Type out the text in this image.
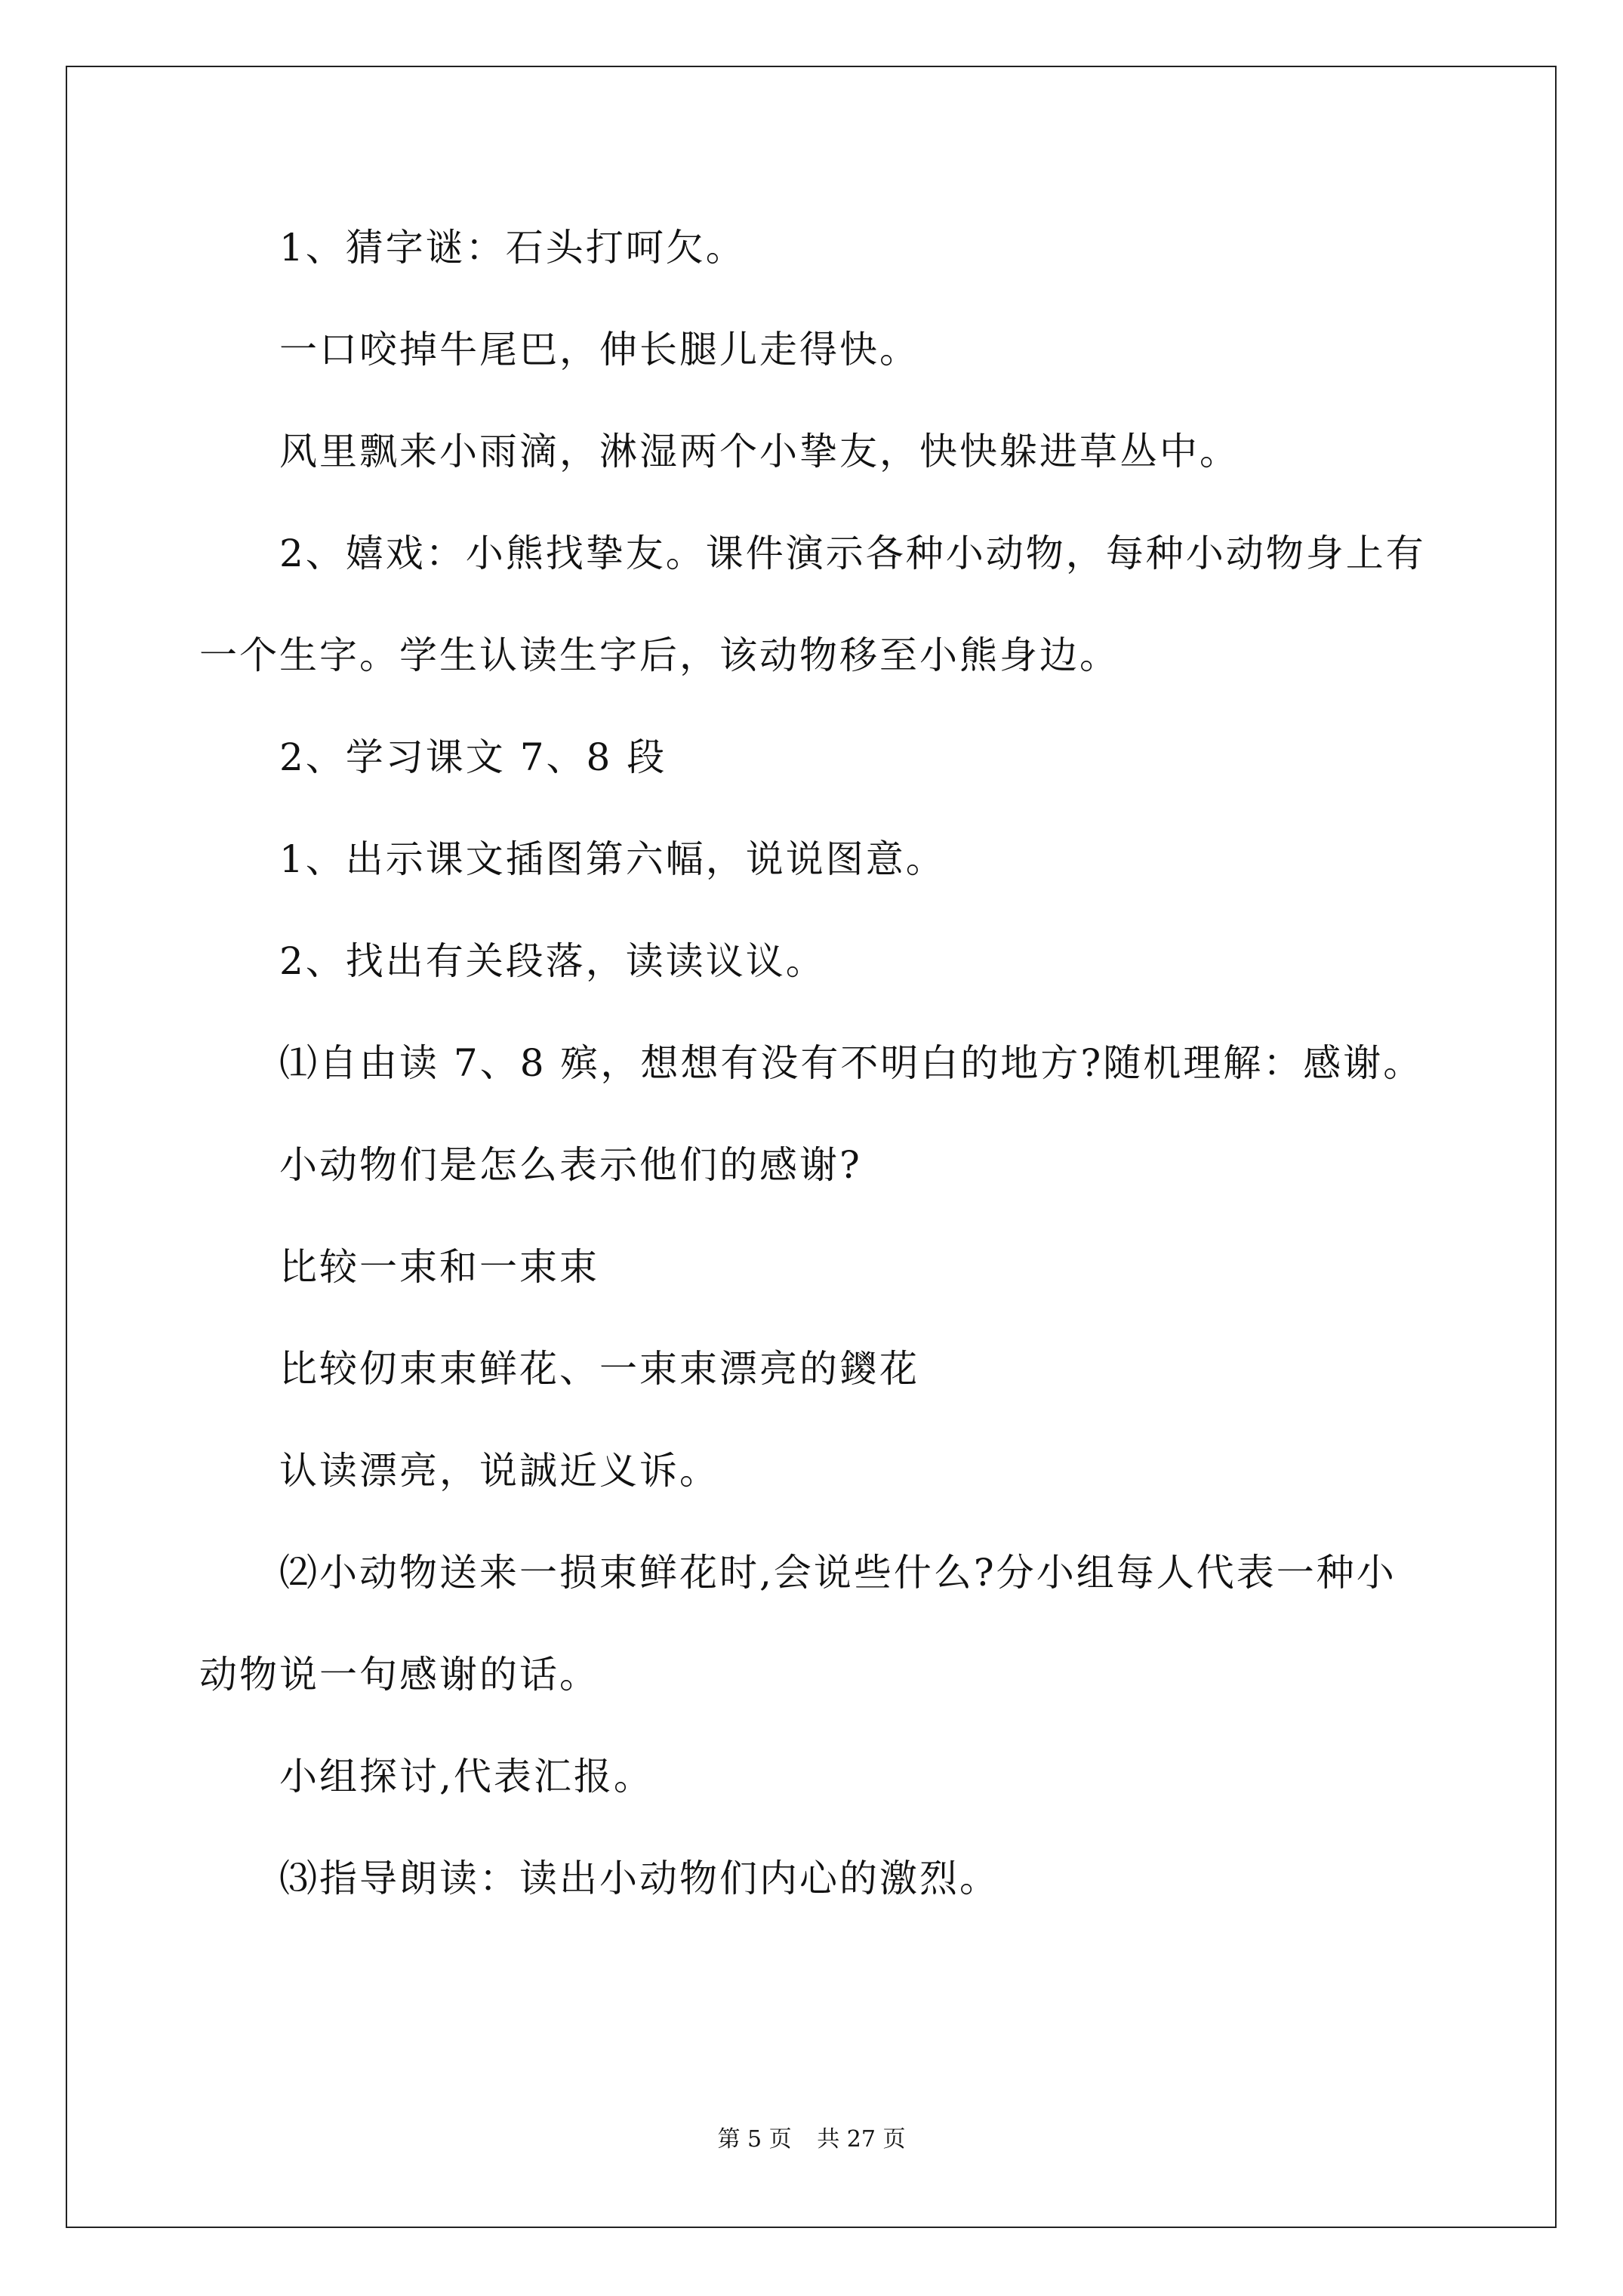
1、猜字谜：石头打呵欠。

一口咬掉牛尾巴，伸长腿儿走得快。

风里飘来小雨滴，淋湿两个小挚友，快快躲进草丛中。

2、嬉戏：小熊找挚友。课件演示各种小动物，每种小动物身上有

一个生字。学生认读生字后，该动物移至小熊身边。

2、学习课文 7、8 段

1、出示课文插图第六幅，说说图意。

2、找出有关段落，读读议议。

⑴自由读 7、8 殡，想想有没有不明白的地方?随机理解：感谢。

小动物们是怎么表示他们的感谢?

比较一束和一束束

比较仞束束鲜花、一束束漂亮的鑁花

认读漂亮，说誠近义诉。

⑵小动物送来一损束鲜花时,会说些什么?分小组每人代表一种小

动物说一句感谢的话。

小组探讨,代表汇报。

⑶指导朗读：读出小动物们内心的激烈。

第 5 页 共 27 页
